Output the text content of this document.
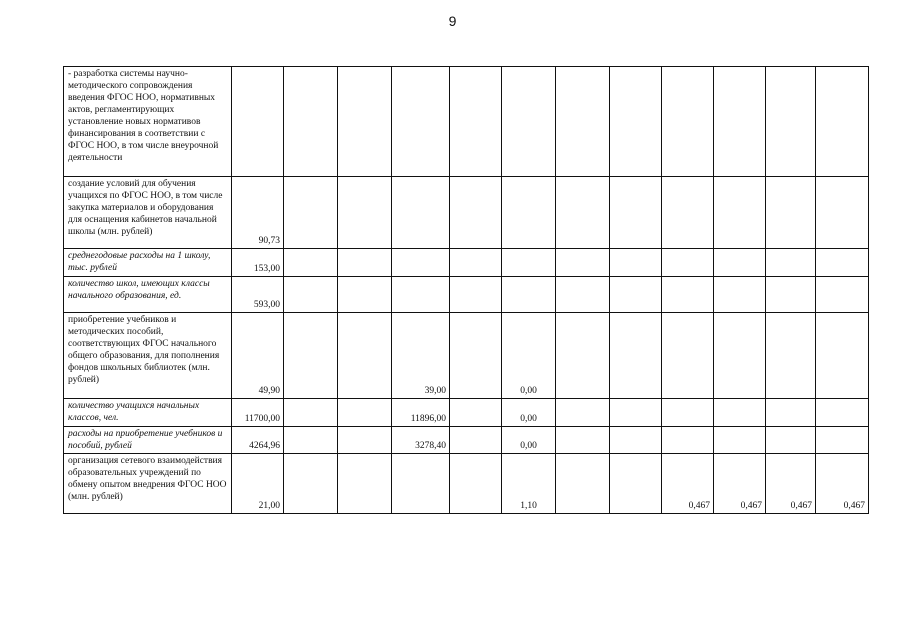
9
- разработка системы научно-методического сопровождения введения ФГОС НОО, нормативных актов, регламентирующих установление новых нормативов финансирования в соответствии с ФГОС НОО, в том числе внеурочной деятельности												
создание условий для обучения учащихся по ФГОС НОО, в том числе закупка материалов и оборудования для оснащения кабинетов начальной школы (млн. рублей)	90,73											
среднегодовые расходы на 1 школу, тыс. рублей	153,00											
количество школ, имеющих классы начального образования, ед.	593,00											
приобретение учебников и методических пособий, соответствующих ФГОС начального общего образования, для пополнения фондов школьных библиотек (млн. рублей)	49,90			39,00		0,00						
количество учащихся начальных классов, чел.	11700,00			11896,00		0,00						
расходы на приобретение учебников и пособий, рублей	4264,96			3278,40		0,00						
организация сетевого взаимодействия образовательных учреждений по обмену опытом внедрения ФГОС НОО (млн. рублей)	21,00					1,10			0,467	0,467	0,467	0,467
